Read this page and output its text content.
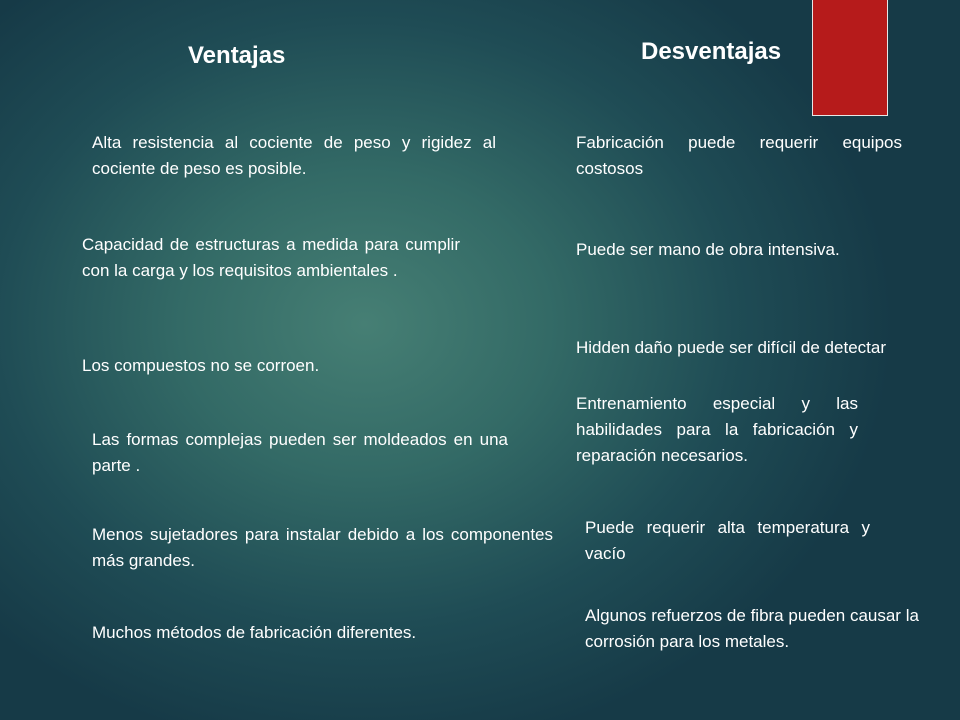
Ventajas	Desventajas
Alta resistencia al cociente de peso y rigidez al cociente de peso es posible.
Capacidad de estructuras a medida para cumplir con la carga y los requisitos ambientales .
Los compuestos no se corroen.
Las formas complejas pueden ser moldeados en una parte .
Menos sujetadores para instalar debido a los componentes más grandes.
Muchos métodos de fabricación diferentes.
Fabricación puede requerir equipos costosos
Puede ser mano de obra intensiva.
Hidden daño puede ser difícil de detectar
Entrenamiento especial y las habilidades para la fabricación y reparación necesarios.
Puede requerir alta temperatura y vacío
Algunos refuerzos de fibra pueden causar la corrosión para los metales.
